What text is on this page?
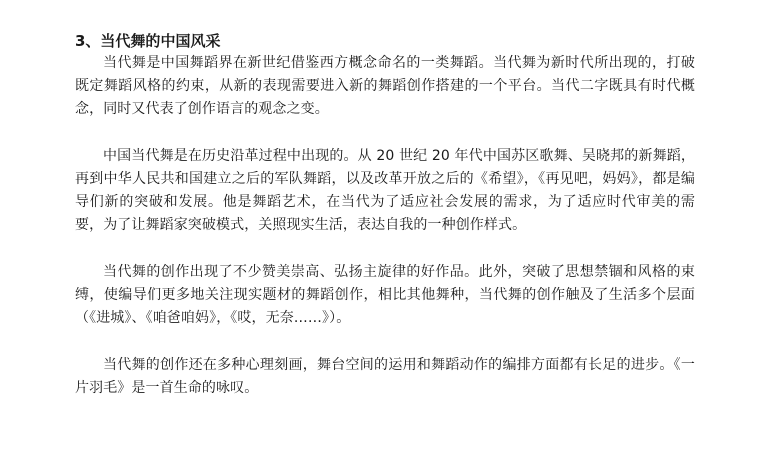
3、当代舞的中国风采

当代舞是中国舞蹈界在新世纪借鉴西方概念命名的一类舞蹈。当代舞为新时代所出现的，打破既定舞蹈风格的约束，从新的表现需要进入新的舞蹈创作搭建的一个平台。当代二字既具有时代概念，同时又代表了创作语言的观念之变。

中国当代舞是在历史沿革过程中出现的。从 20 世纪 20 年代中国苏区歌舞、吴晓邦的新舞蹈，再到中华人民共和国建立之后的军队舞蹈，以及改革开放之后的《希望》，《再见吧，妈妈》，都是编导们新的突破和发展。他是舞蹈艺术，在当代为了适应社会发展的需求，为了适应时代审美的需要，为了让舞蹈家突破模式，关照现实生活，表达自我的一种创作样式。

当代舞的创作出现了不少赞美崇高、弘扬主旋律的好作品。此外，突破了思想禁锢和风格的束缚，使编导们更多地关注现实题材的舞蹈创作，相比其他舞种，当代舞的创作触及了生活多个层面 （《进城》、《咱爸咱妈》，《哎，无奈……》）。

当代舞的创作还在多种心理刻画，舞台空间的运用和舞蹈动作的编排方面都有长足的进步。《一片羽毛》是一首生命的咏叹。
